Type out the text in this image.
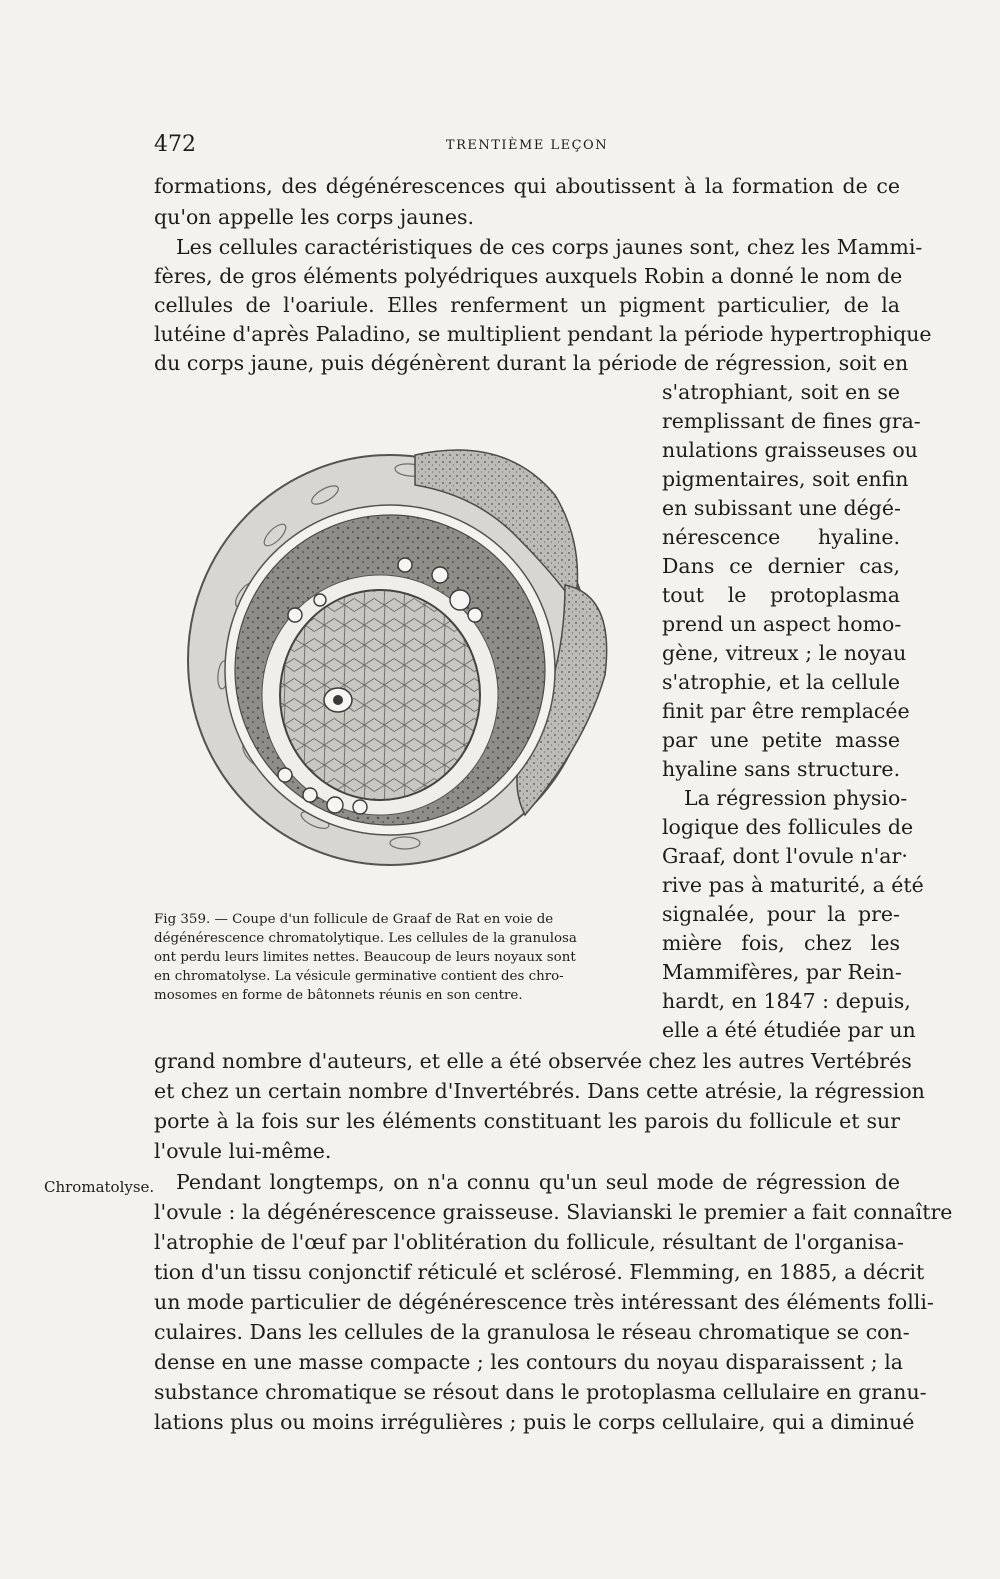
472	TRENTIÈME LEÇON
formations, des dégénérescences qui aboutissent à la formation de ce
qu'on appelle les corps jaunes.
Les cellules caractéristiques de ces corps jaunes sont, chez les Mammi-
fères, de gros éléments polyédriques auxquels Robin a donné le nom de
cellules de l'oariule. Elles renferment un pigment particulier, de la
lutéine d'après Paladino, se multiplient pendant la période hypertrophique
du corps jaune, puis dégénèrent durant la période de régression, soit en
s'atrophiant, soit en se
remplissant de fines gra-
nulations graisseuses ou
pigmentaires, soit enfin
en subissant une dégé-
nérescence hyaline.
Dans ce dernier cas,
tout le protoplasma
prend un aspect homo-
gène, vitreux ; le noyau
s'atrophie, et la cellule
finit par être remplacée
par une petite masse
hyaline sans structure.
La régression physio-
logique des follicules de
Graaf, dont l'ovule n'ar·
rive pas à maturité, a été
signalée, pour la pre-
mière fois, chez les
Mammifères, par Rein-
hardt, en 1847 : depuis,
elle a été étudiée par un
grand nombre d'auteurs, et elle a été observée chez les autres Vertébrés
et chez un certain nombre d'Invertébrés. Dans cette atrésie, la régression
porte à la fois sur les éléments constituant les parois du follicule et sur
l'ovule lui-même.
Pendant longtemps, on n'a connu qu'un seul mode de régression de
l'ovule : la dégénérescence graisseuse. Slavianski le premier a fait connaître
l'atrophie de l'œuf par l'oblitération du follicule, résultant de l'organisa-
tion d'un tissu conjonctif réticulé et sclérosé. Flemming, en 1885, a décrit
un mode particulier de dégénérescence très intéressant des éléments folli-
culaires. Dans les cellules de la granulosa le réseau chromatique se con-
dense en une masse compacte ; les contours du noyau disparaissent ; la
substance chromatique se résout dans le protoplasma cellulaire en granu-
lations plus ou moins irrégulières ; puis le corps cellulaire, qui a diminué
Chromatolyse.
Fig 359. — Coupe d'un follicule de Graaf de Rat en voie de
dégénérescence chromatolytique. Les cellules de la granulosa
ont perdu leurs limites nettes. Beaucoup de leurs noyaux sont
en chromatolyse. La vésicule germinative contient des chro-
mosomes en forme de bâtonnets réunis en son centre.
